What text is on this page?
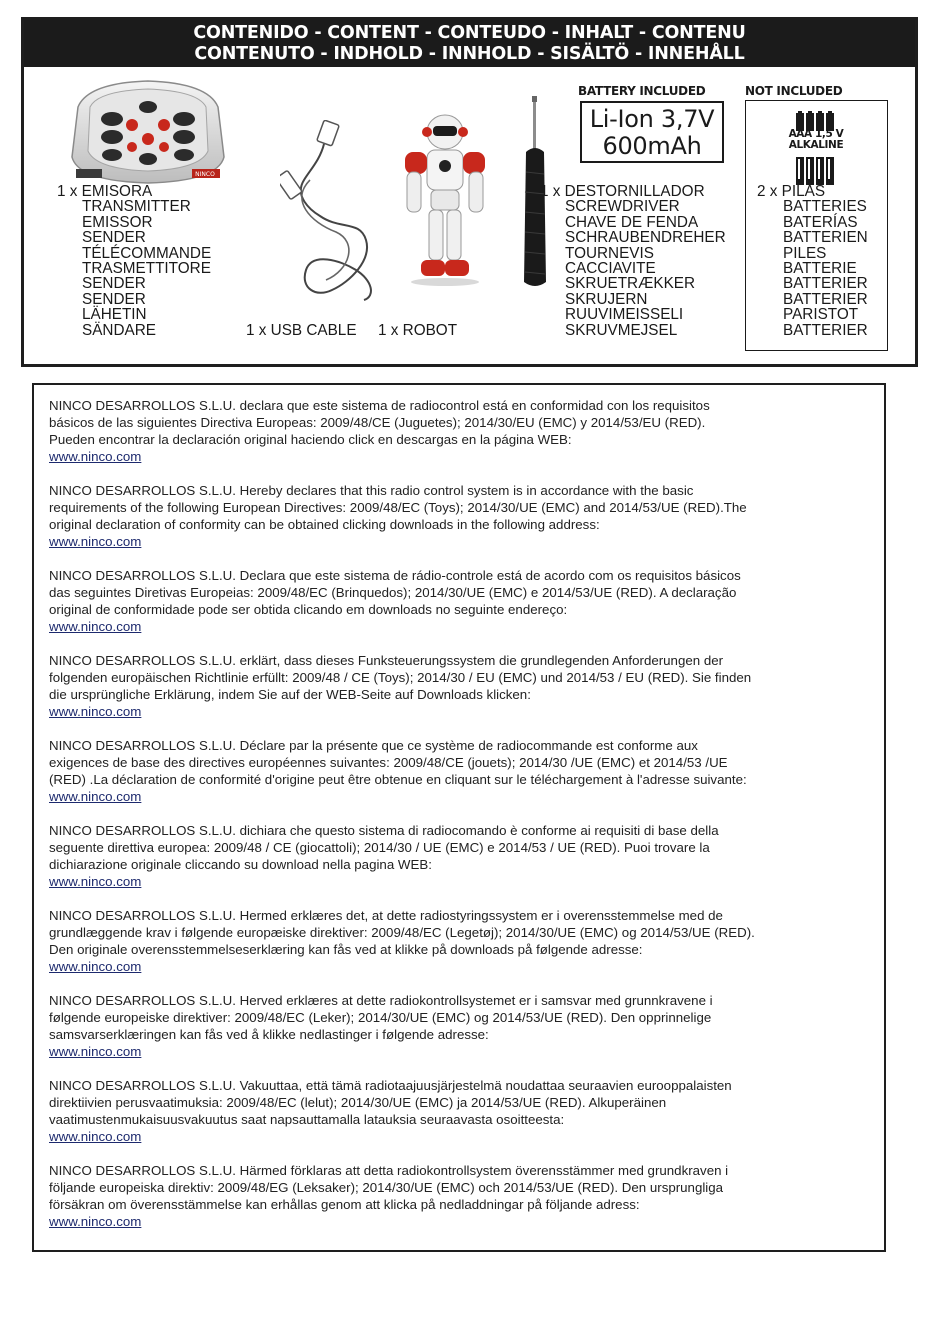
CONTENIDO - CONTENT - CONTEUDO - INHALT - CONTENU
CONTENUTO - INDHOLD - INNHOLD - SISÄLTÖ - INNEHÅLL
NINCO
1 x EMISORA
TRANSMITTER
EMISSOR
SENDER
TÉLÉCOMMANDE
TRASMETTITORE
SENDER
SENDER
LÄHETIN
SÄNDARE	1 x USB CABLE 1 x ROBOT
1 x DESTORNILLADOR
SCREWDRIVER
CHAVE DE FENDA
SCHRAUBENDREHER
TOURNEVIS
CACCIAVITE
SKRUETRÆKKER
SKRUJERN
RUUVIMEISSELI
SKRUVMEJSEL
BATTERY INCLUDED
Li-Ion 3,7V
600mAh
NOT INCLUDED
AAA 1,5 V
ALKALINE
2 x PILAS
BATTERIES
BATERÍAS
BATTERIEN
PILES
BATTERIE
BATTERIER
BATTERIER
PARISTOT
BATTERIER
NINCO DESARROLLOS S.L.U. declara que este sistema de radiocontrol está en conformidad con los requisitos
básicos de las siguientes Directiva Europeas: 2009/48/CE (Juguetes); 2014/30/EU (EMC) y 2014/53/EU (RED).
Pueden encontrar la declaración original haciendo click en descargas en la página WEB:
www.ninco.com
NINCO DESARROLLOS S.L.U. Hereby declares that this radio control system is in accordance with the basic
requirements of the following European Directives: 2009/48/EC (Toys); 2014/30/UE (EMC) and 2014/53/UE (RED).The
original declaration of conformity can be obtained clicking downloads in the following address:
www.ninco.com
NINCO DESARROLLOS S.L.U. Declara que este sistema de rádio-controle está de acordo com os requisitos básicos
das seguintes Diretivas Europeias: 2009/48/EC (Brinquedos); 2014/30/UE (EMC) e 2014/53/UE (RED). A declaração
original de conformidade pode ser obtida clicando em downloads no seguinte endereço:
www.ninco.com
NINCO DESARROLLOS S.L.U. erklärt, dass dieses Funksteuerungssystem die grundlegenden Anforderungen der
folgenden europäischen Richtlinie erfüllt: 2009/48 / CE (Toys); 2014/30 / EU (EMC) und 2014/53 / EU (RED). Sie finden
die ursprüngliche Erklärung, indem Sie auf der WEB-Seite auf Downloads klicken:
www.ninco.com
NINCO DESARROLLOS S.L.U. Déclare par la présente que ce système de radiocommande est conforme aux
exigences de base des directives européennes suivantes: 2009/48/CE (jouets); 2014/30 /UE (EMC) et 2014/53 /UE
(RED) .La déclaration de conformité d'origine peut être obtenue en cliquant sur le téléchargement à l'adresse suivante:
www.ninco.com
NINCO DESARROLLOS S.L.U. dichiara che questo sistema di radiocomando è conforme ai requisiti di base della
seguente direttiva europea: 2009/48 / CE (giocattoli); 2014/30 / UE (EMC) e 2014/53 / UE (RED). Puoi trovare la
dichiarazione originale cliccando su download nella pagina WEB:
www.ninco.com
NINCO DESARROLLOS S.L.U. Hermed erklæres det, at dette radiostyringssystem er i overensstemmelse med de
grundlæggende krav i følgende europæiske direktiver: 2009/48/EC (Legetøj); 2014/30/UE (EMC) og 2014/53/UE (RED).
Den originale overensstemmelseserklæring kan fås ved at klikke på downloads på følgende adresse:
www.ninco.com
NINCO DESARROLLOS S.L.U. Herved erklæres at dette radiokontrollsystemet er i samsvar med grunnkravene i
følgende europeiske direktiver: 2009/48/EC (Leker); 2014/30/UE (EMC) og 2014/53/UE (RED). Den opprinnelige
samsvarserklæringen kan fås ved å klikke nedlastinger i følgende adresse:
www.ninco.com
NINCO DESARROLLOS S.L.U. Vakuuttaa, että tämä radiotaajuusjärjestelmä noudattaa seuraavien eurooppalaisten
direktiivien perusvaatimuksia: 2009/48/EC (lelut); 2014/30/UE (EMC) ja 2014/53/UE (RED). Alkuperäinen
vaatimustenmukaisuusvakuutus saat napsauttamalla latauksia seuraavasta osoitteesta:
www.ninco.com
NINCO DESARROLLOS S.L.U. Härmed förklaras att detta radiokontrollsystem överensstämmer med grundkraven i
följande europeiska direktiv: 2009/48/EG (Leksaker); 2014/30/UE (EMC) och 2014/53/UE (RED). Den ursprungliga
försäkran om överensstämmelse kan erhållas genom att klicka på nedladdningar på följande adress:
www.ninco.com
